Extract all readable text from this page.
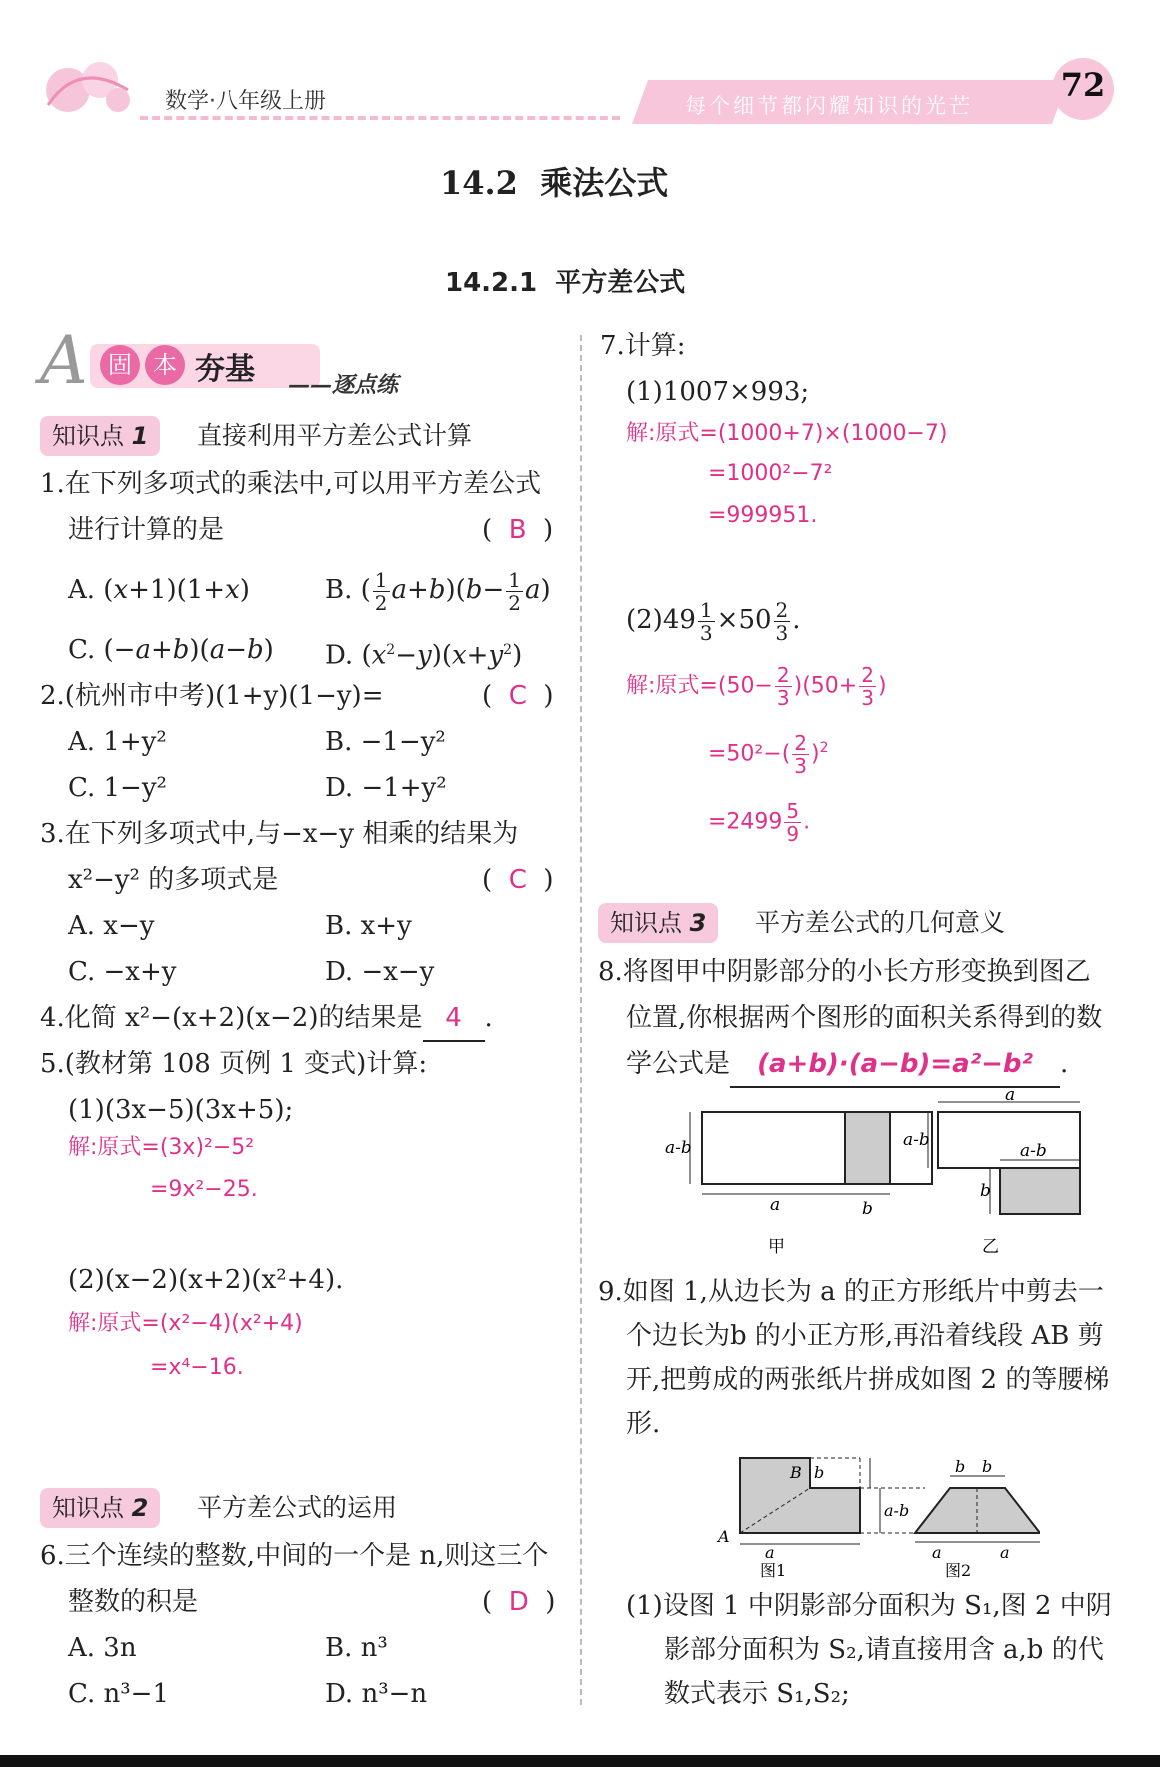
数学·八年级上册	每个细节都闪耀知识的光芒
72
14.2  乘法公式
14.2.1  平方差公式
A 固 本 夯基 ——逐点练
知识点 1	直接利用平方差公式计算
1.在下列多项式的乘法中,可以用平方差公式
进行计算的是	(  B  )
A. (x+1)(1+x)	B. ( $\frac{1}{2} a+b)(b- \frac{1}{2} a)$
C. (−a+b)(a−b) D. $(x^2-y)(x+y^2)$
2.(杭州市中考)(1+y)(1−y)=	(  C  )
A. 1+y²	B. −1−y²
C. 1−y²	D. −1+y²
3.在下列多项式中,与−x−y 相乘的结果为
x²−y² 的多项式是	(  C  )
A. x−y	B. x+y
C. −x+y	D. −x−y
4.化简 x²−(x+2)(x−2)的结果是 4 .
5.(教材第 108 页例 1 变式)计算:
(1)(3x−5)(3x+5);
解:原式=(3x)²−5²
=9x²−25.
(2)(x−2)(x+2)(x²+4).
解:原式=(x²−4)(x²+4)
=x⁴−16.
知识点 2	平方差公式的运用
6.三个连续的整数,中间的一个是 n,则这三个
整数的积是	(  D  )
A. 3n	B. n³
C. n³−1	D. n³−n
7.计算:
(1)1007×993;
解:原式=(1000+7)×(1000−7)
=1000²−7²
=999951.
$(2)49 \frac{1}{3} \times 50 \frac{2}{3}$ .
解:原式$=(50- \frac{2}{3} )(50+ \frac{2}{3}$ )
$=50^2-( \frac{2}{3} )^2$
$=2499 \frac{5}{9}$ .
知识点 3	平方差公式的几何意义
8.将图甲中阴影部分的小长方形变换到图乙
位置,你根据两个图形的面积关系得到的数
学公式是 (a+b)·(a−b)=a²−b² .
a-b
a	b
a
a-b
a-b
b
甲	乙
9.如图 1,从边长为 a 的正方形纸片中剪去一
个边长为b 的小正方形,再沿着线段 AB 剪
开,把剪成的两张纸片拼成如图 2 的等腰梯
形.
A
B b
a-b
a
b b
a	a
图1	图2
(1)设图 1 中阴影部分面积为 S₁,图 2 中阴
影部分面积为 S₂,请直接用含 a,b 的代
数式表示 S₁,S₂;
